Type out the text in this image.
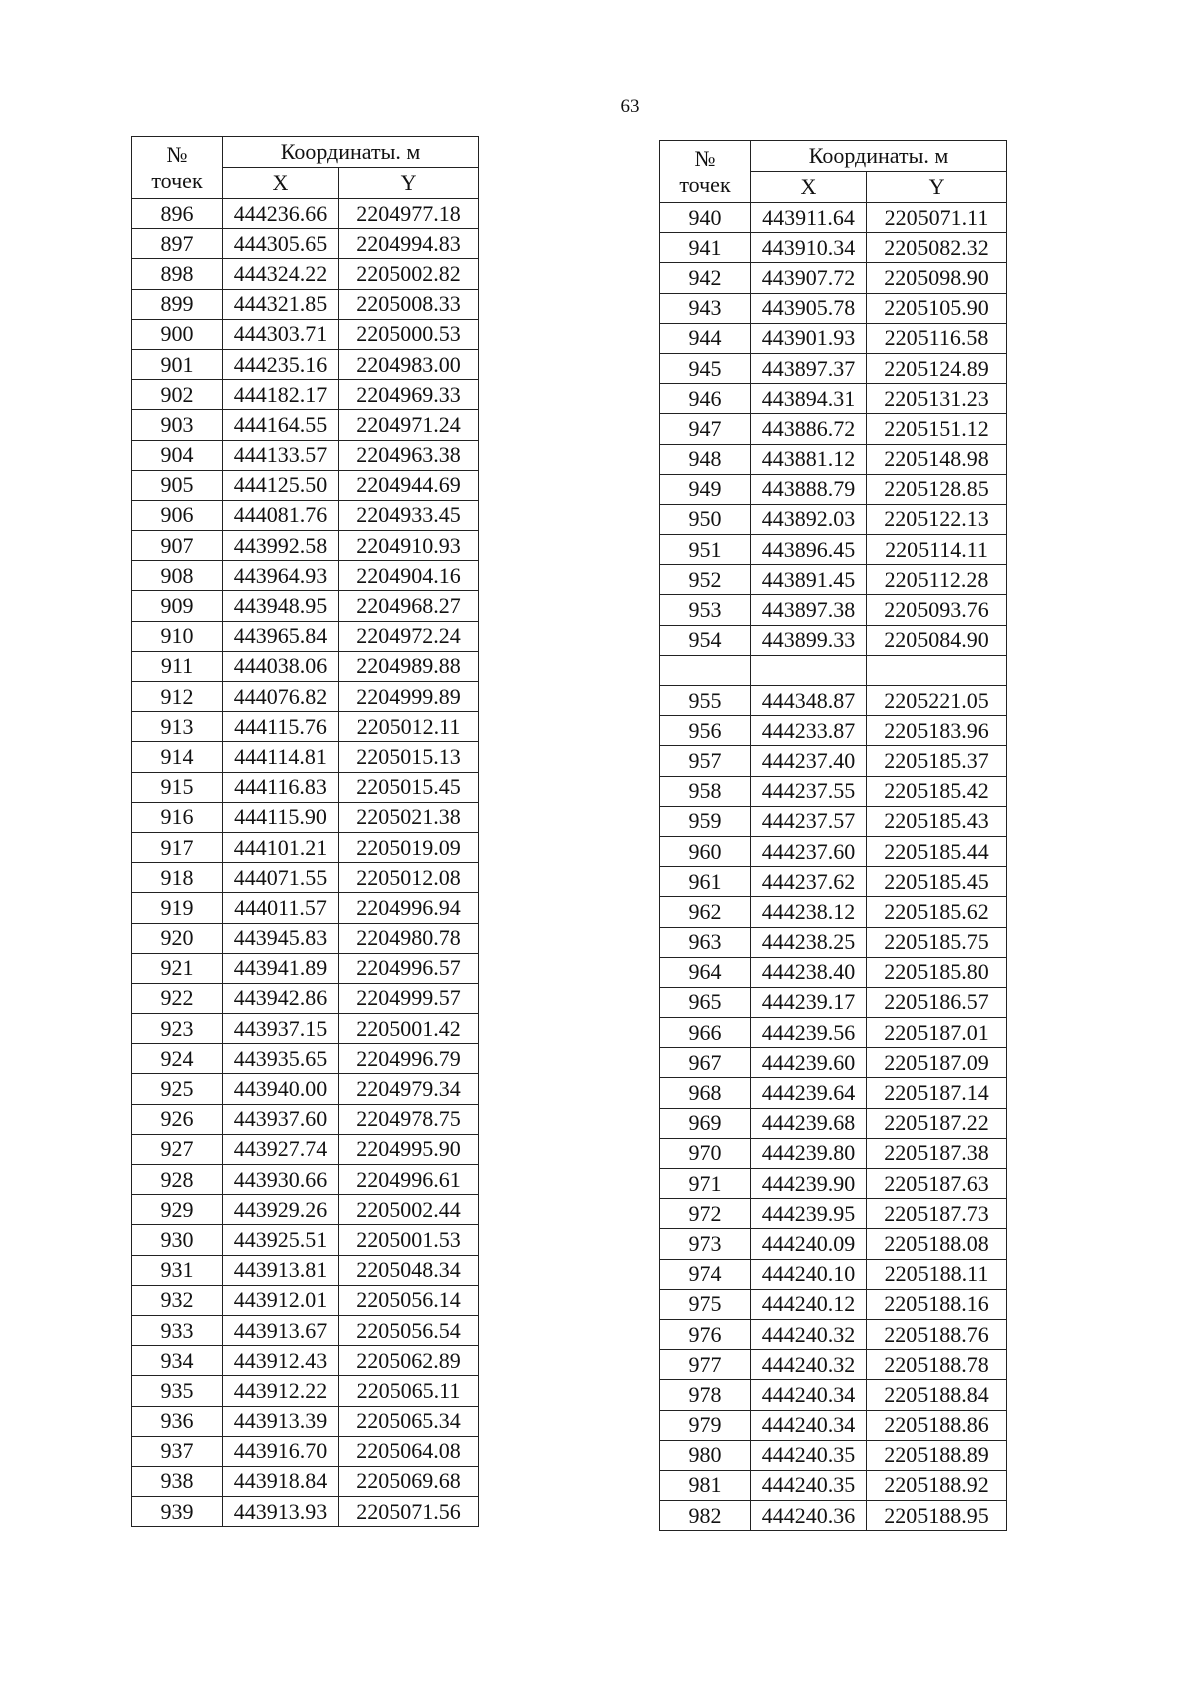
63
№
точек	Координаты. м	
	X	Y
896	444236.66	2204977.18
897	444305.65	2204994.83
898	444324.22	2205002.82
899	444321.85	2205008.33
900	444303.71	2205000.53
901	444235.16	2204983.00
902	444182.17	2204969.33
903	444164.55	2204971.24
904	444133.57	2204963.38
905	444125.50	2204944.69
906	444081.76	2204933.45
907	443992.58	2204910.93
908	443964.93	2204904.16
909	443948.95	2204968.27
910	443965.84	2204972.24
911	444038.06	2204989.88
912	444076.82	2204999.89
913	444115.76	2205012.11
914	444114.81	2205015.13
915	444116.83	2205015.45
916	444115.90	2205021.38
917	444101.21	2205019.09
918	444071.55	2205012.08
919	444011.57	2204996.94
920	443945.83	2204980.78
921	443941.89	2204996.57
922	443942.86	2204999.57
923	443937.15	2205001.42
924	443935.65	2204996.79
925	443940.00	2204979.34
926	443937.60	2204978.75
927	443927.74	2204995.90
928	443930.66	2204996.61
929	443929.26	2205002.44
930	443925.51	2205001.53
931	443913.81	2205048.34
932	443912.01	2205056.14
933	443913.67	2205056.54
934	443912.43	2205062.89
935	443912.22	2205065.11
936	443913.39	2205065.34
937	443916.70	2205064.08
938	443918.84	2205069.68
939	443913.93	2205071.56
№
точек	Координаты. м	
	X	Y
940	443911.64	2205071.11
941	443910.34	2205082.32
942	443907.72	2205098.90
943	443905.78	2205105.90
944	443901.93	2205116.58
945	443897.37	2205124.89
946	443894.31	2205131.23
947	443886.72	2205151.12
948	443881.12	2205148.98
949	443888.79	2205128.85
950	443892.03	2205122.13
951	443896.45	2205114.11
952	443891.45	2205112.28
953	443897.38	2205093.76
954	443899.33	2205084.90

955	444348.87	2205221.05
956	444233.87	2205183.96
957	444237.40	2205185.37
958	444237.55	2205185.42
959	444237.57	2205185.43
960	444237.60	2205185.44
961	444237.62	2205185.45
962	444238.12	2205185.62
963	444238.25	2205185.75
964	444238.40	2205185.80
965	444239.17	2205186.57
966	444239.56	2205187.01
967	444239.60	2205187.09
968	444239.64	2205187.14
969	444239.68	2205187.22
970	444239.80	2205187.38
971	444239.90	2205187.63
972	444239.95	2205187.73
973	444240.09	2205188.08
974	444240.10	2205188.11
975	444240.12	2205188.16
976	444240.32	2205188.76
977	444240.32	2205188.78
978	444240.34	2205188.84
979	444240.34	2205188.86
980	444240.35	2205188.89
981	444240.35	2205188.92
982	444240.36	2205188.95
